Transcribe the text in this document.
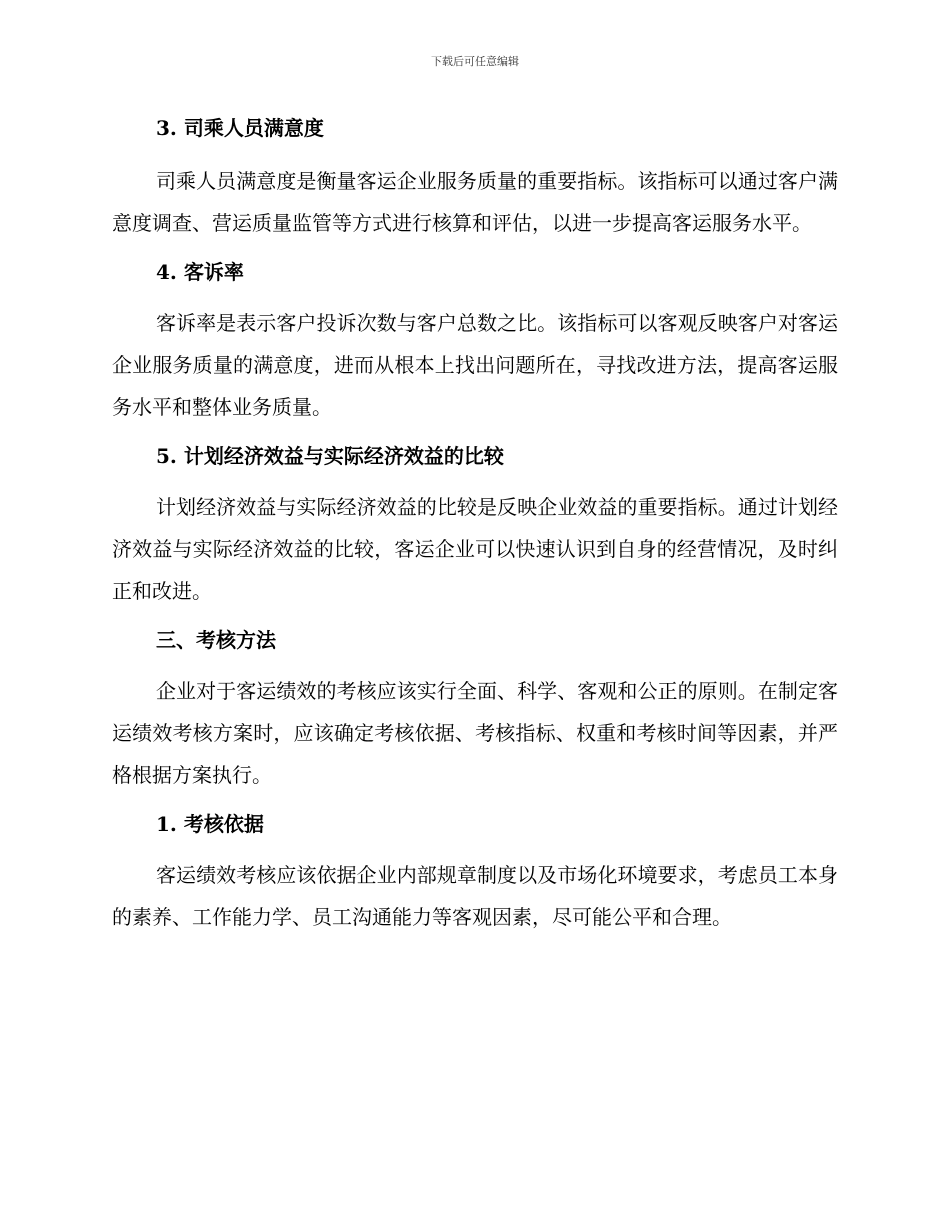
下载后可任意编辑

3. 司乘人员满意度

司乘人员满意度是衡量客运企业服务质量的重要指标。该指标可以通过客户满意度调查、营运质量监管等方式进行核算和评估，以进一步提高客运服务水平。

4. 客诉率

客诉率是表示客户投诉次数与客户总数之比。该指标可以客观反映客户对客运企业服务质量的满意度，进而从根本上找出问题所在，寻找改进方法，提高客运服务水平和整体业务质量。

5. 计划经济效益与实际经济效益的比较

计划经济效益与实际经济效益的比较是反映企业效益的重要指标。通过计划经济效益与实际经济效益的比较，客运企业可以快速认识到自身的经营情况，及时纠正和改进。

三、考核方法

企业对于客运绩效的考核应该实行全面、科学、客观和公正的原则。在制定客运绩效考核方案时，应该确定考核依据、考核指标、权重和考核时间等因素，并严格根据方案执行。

1. 考核依据

客运绩效考核应该依据企业内部规章制度以及市场化环境要求，考虑员工本身的素养、工作能力学、员工沟通能力等客观因素，尽可能公平和合理。
